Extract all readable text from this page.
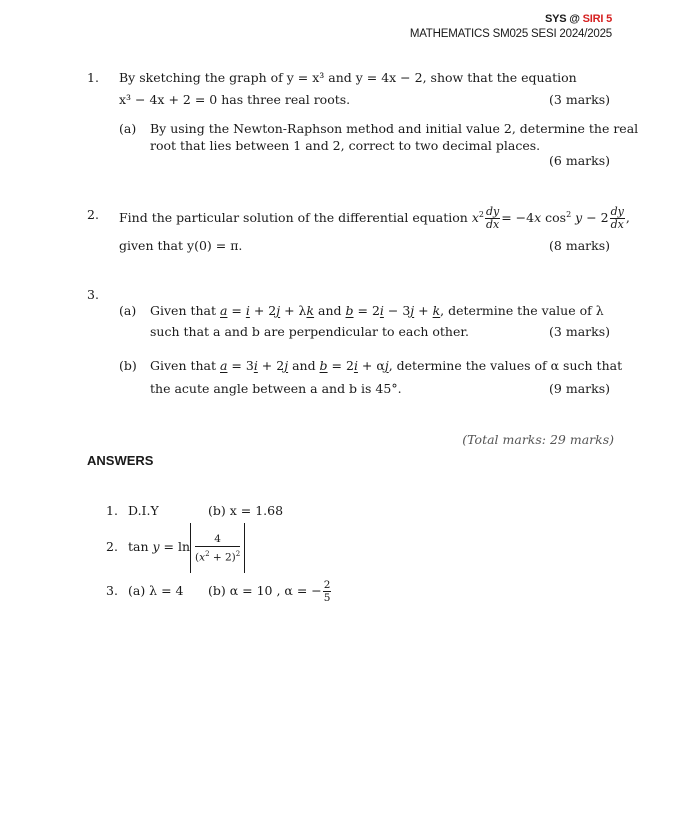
SYS @ SIRI 5
MATHEMATICS SM025 SESI 2024/2025
1. By sketching the graph of y = x³ and y = 4x − 2, show that the equation
x³ − 4x + 2 = 0 has three real roots.	(3 marks)
(a) By using the Newton-Raphson method and initial value 2, determine the real
root that lies between 1 and 2, correct to two decimal places.
(6 marks)
2. Find the particular solution of the differential equation $x^2 \frac{dy}{dx} = -4x$ $\cos^2 y - 2 \frac{dy}{dx}$ ,
given that y(0) = π.	(8 marks)
3.
(a) Given that a = i + 2j + λk and b = 2i − 3j + k, determine the value of λ
such that a and b are perpendicular to each other.	(3 marks)
(b) Given that a = 3i + 2j and b = 2i + αj, determine the values of α such that
the acute angle between a and b is 45°.	(9 marks)
(Total marks: 29 marks)
ANSWERS
1. D.I.Y	(b) x = 1.68
2. $\tan y = \ln \frac{4}{(x^2 + 2)^2}$
3. (a) λ = 4 (b) α = 10 , α = − $\frac{2}{5}$
